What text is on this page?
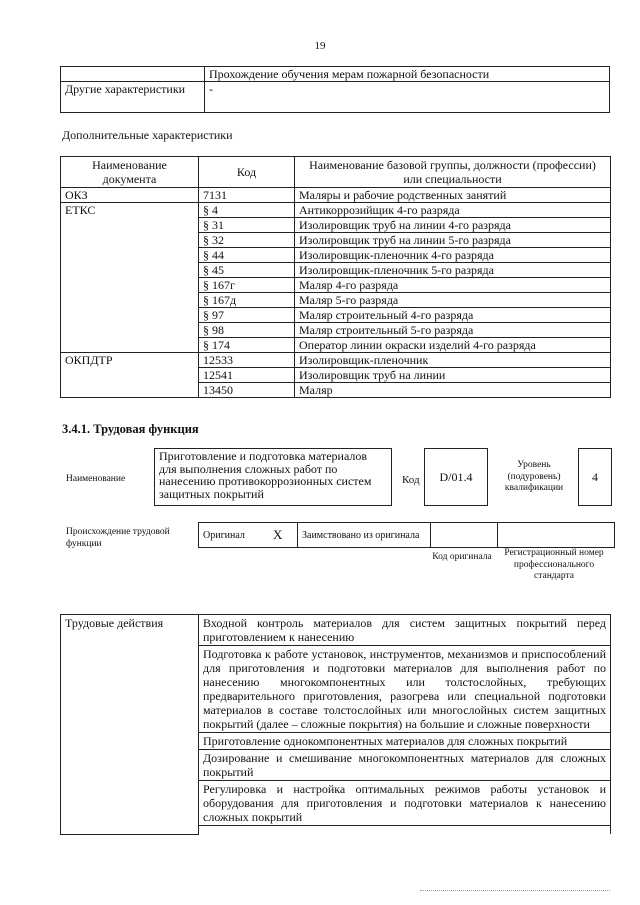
19
	Прохождение обучения мерам пожарной безопасности
Другие характеристики	-
Дополнительные характеристики
Наименование документа	Код	Наименование базовой группы, должности (профессии) или специальности
ОКЗ	7131	Маляры и рабочие родственных занятий
ЕТКС	§ 4	Антикоррозийщик 4-го разряда
	§ 31	Изолировщик труб на линии 4-го разряда
	§ 32	Изолировщик труб на линии 5-го разряда
	§ 44	Изолировщик-пленочник 4-го разряда
	§ 45	Изолировщик-пленочник 5-го разряда
	§ 167г	Маляр 4-го разряда
	§ 167д	Маляр 5-го разряда
	§ 97	Маляр строительный 4-го разряда
	§ 98	Маляр строительный 5-го разряда
	§ 174	Оператор линии окраски изделий 4-го разряда
ОКПДТР	12533	Изолировщик-пленочник
	12541	Изолировщик труб на линии
	13450	Маляр
3.4.1. Трудовая функция
Наименование
Приготовление и подготовка материалов для выполнения сложных работ по нанесению противокоррозионных систем защитных покрытий
Код	D/01.4
Уровень (подуровень) квалификации
4
Происхождение трудовой функции
Оригинал	X	Заимствовано из оригинала		
Код оригинала	Регистрационный номер профессионального стандарта
Трудовые действия	Входной контроль материалов для систем защитных покрытий перед приготовлением к нанесению
Подготовка к работе установок, инструментов, механизмов и приспособлений для приготовления и подготовки материалов для выполнения работ по нанесению многокомпонентных или толстослойных, требующих предварительного приготовления, разогрева или специальной подготовки материалов в составе толстослойных или многослойных систем защитных покрытий (далее – сложные покрытия) на большие и сложные поверхности
Приготовление однокомпонентных материалов для сложных покрытий
Дозирование и смешивание многокомпонентных материалов для сложных покрытий
Регулировка и настройка оптимальных режимов работы установок и оборудования для приготовления и подготовки материалов к нанесению сложных покрытий
